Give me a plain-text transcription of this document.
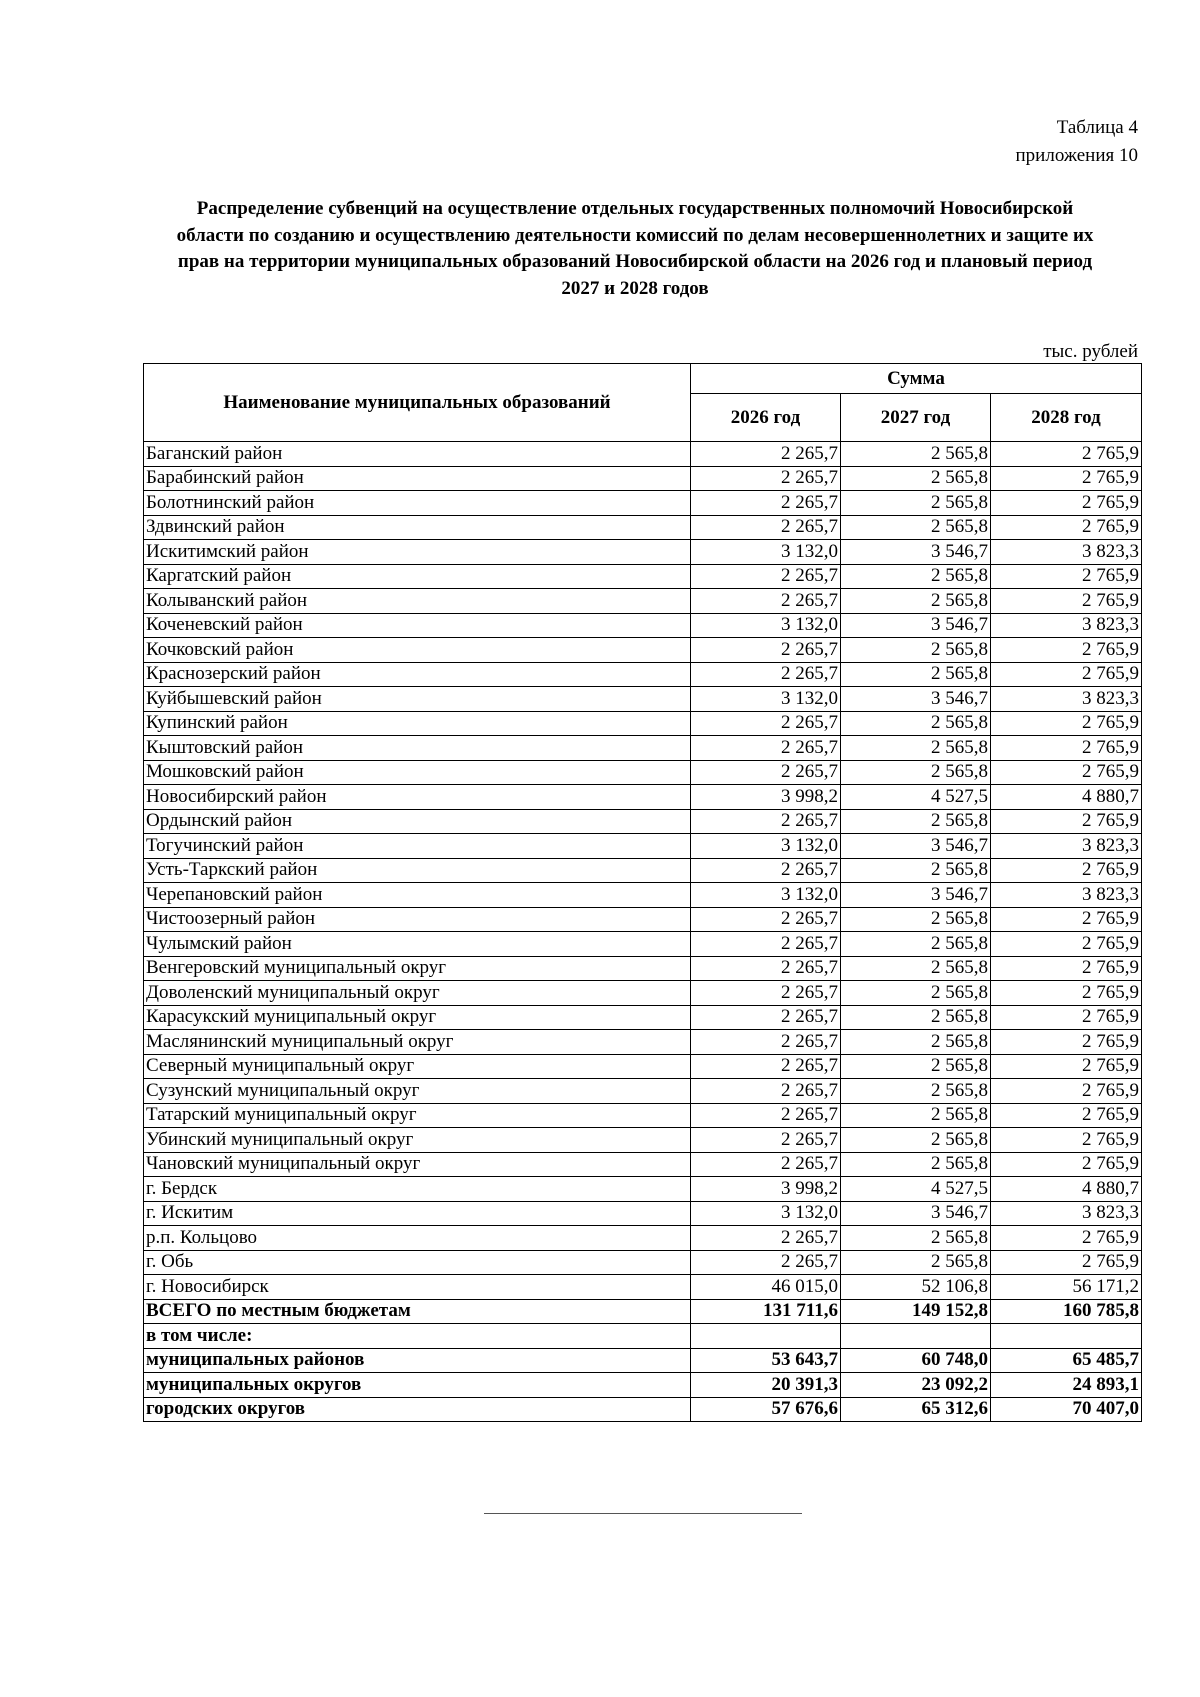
Таблица 4
приложения 10
Распределение субвенций на осуществление отдельных государственных полномочий Новосибирской
области по созданию и осуществлению деятельности комиссий по делам несовершеннолетних и защите их
прав на территории муниципальных образований Новосибирской области на 2026 год и плановый период
2027 и 2028 годов
тыс. рублей
Наименование муниципальных образований	Сумма		
	2026 год	2027 год	2028 год
Баганский район	2 265,7	2 565,8	2 765,9
Барабинский район	2 265,7	2 565,8	2 765,9
Болотнинский район	2 265,7	2 565,8	2 765,9
Здвинский район	2 265,7	2 565,8	2 765,9
Искитимский район	3 132,0	3 546,7	3 823,3
Каргатский район	2 265,7	2 565,8	2 765,9
Колыванский район	2 265,7	2 565,8	2 765,9
Коченевский район	3 132,0	3 546,7	3 823,3
Кочковский район	2 265,7	2 565,8	2 765,9
Краснозерский район	2 265,7	2 565,8	2 765,9
Куйбышевский район	3 132,0	3 546,7	3 823,3
Купинский район	2 265,7	2 565,8	2 765,9
Кыштовский район	2 265,7	2 565,8	2 765,9
Мошковский район	2 265,7	2 565,8	2 765,9
Новосибирский район	3 998,2	4 527,5	4 880,7
Ордынский район	2 265,7	2 565,8	2 765,9
Тогучинский район	3 132,0	3 546,7	3 823,3
Усть-Таркский район	2 265,7	2 565,8	2 765,9
Черепановский район	3 132,0	3 546,7	3 823,3
Чистоозерный район	2 265,7	2 565,8	2 765,9
Чулымский район	2 265,7	2 565,8	2 765,9
Венгеровский муниципальный округ	2 265,7	2 565,8	2 765,9
Доволенский муниципальный округ	2 265,7	2 565,8	2 765,9
Карасукский муниципальный округ	2 265,7	2 565,8	2 765,9
Маслянинский муниципальный округ	2 265,7	2 565,8	2 765,9
Северный муниципальный округ	2 265,7	2 565,8	2 765,9
Сузунский муниципальный округ	2 265,7	2 565,8	2 765,9
Татарский муниципальный округ	2 265,7	2 565,8	2 765,9
Убинский муниципальный округ	2 265,7	2 565,8	2 765,9
Чановский муниципальный округ	2 265,7	2 565,8	2 765,9
г. Бердск	3 998,2	4 527,5	4 880,7
г. Искитим	3 132,0	3 546,7	3 823,3
р.п. Кольцово	2 265,7	2 565,8	2 765,9
г. Обь	2 265,7	2 565,8	2 765,9
г. Новосибирск	46 015,0	52 106,8	56 171,2
ВСЕГО по местным бюджетам	131 711,6	149 152,8	160 785,8
в том числе:			
муниципальных районов	53 643,7	60 748,0	65 485,7
муниципальных округов	20 391,3	23 092,2	24 893,1
городских округов	57 676,6	65 312,6	70 407,0
